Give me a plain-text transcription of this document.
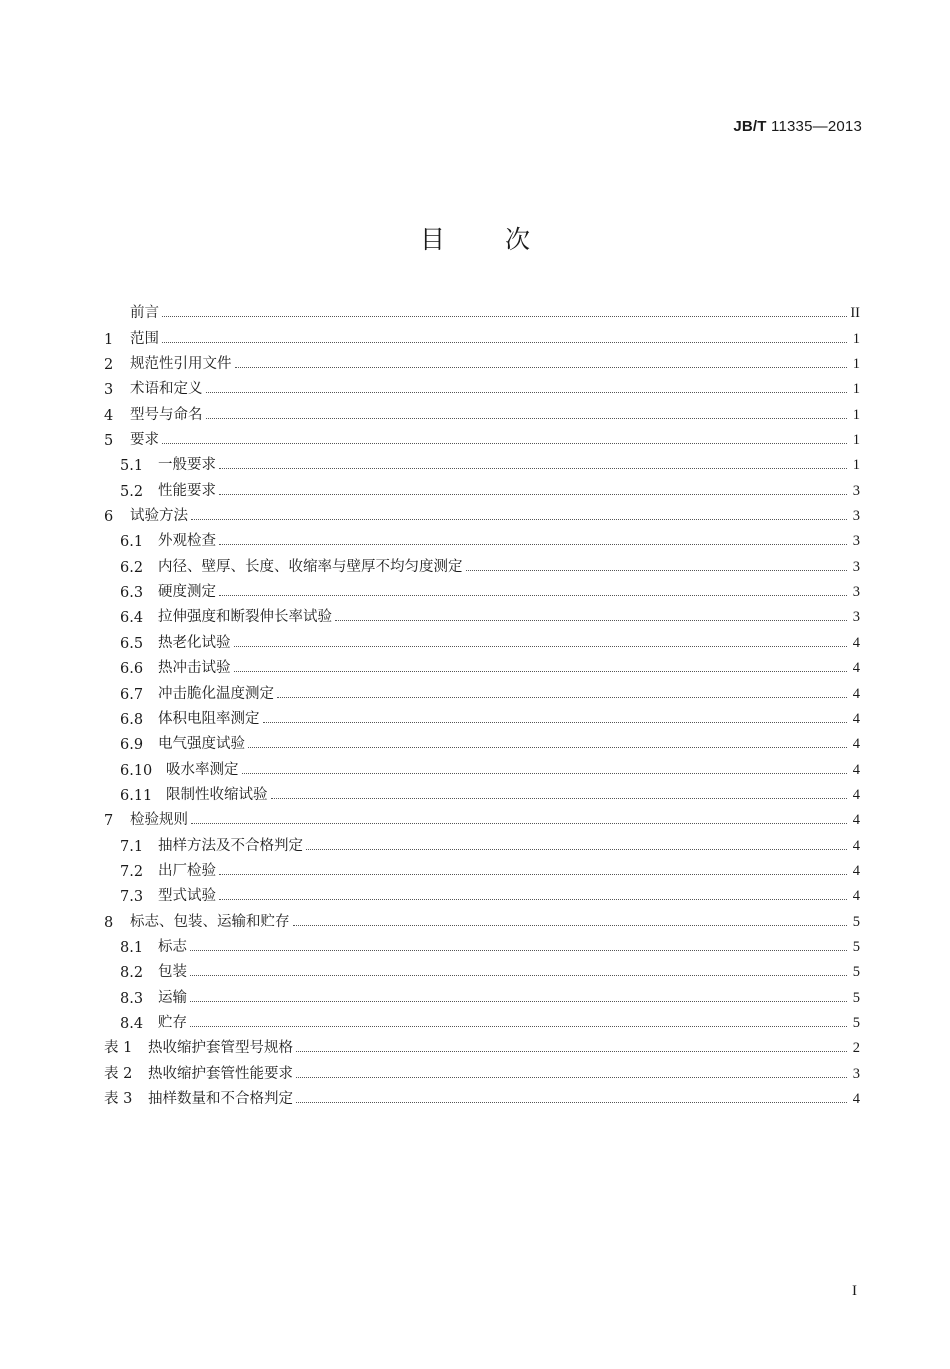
JB/T 11335—2013
目次
前言	II
1	范围	1
2	规范性引用文件	1
3	术语和定义	1
4	型号与命名	1
5	要求	1
5.1	一般要求	1
5.2	性能要求	3
6	试验方法	3
6.1	外观检查	3
6.2	内径、壁厚、长度、收缩率与壁厚不均匀度测定	3
6.3	硬度测定	3
6.4	拉伸强度和断裂伸长率试验	3
6.5	热老化试验	4
6.6	热冲击试验	4
6.7	冲击脆化温度测定	4
6.8	体积电阻率测定	4
6.9	电气强度试验	4
6.10 吸水率测定	4
6.11 限制性收缩试验	4
7	检验规则	4
7.1	抽样方法及不合格判定	4
7.2	出厂检验	4
7.3	型式试验	4
8	标志、包装、运输和贮存	5
8.1	标志	5
8.2	包装	5
8.3	运输	5
8.4	贮存	5
表 1	热收缩护套管型号规格	2
表 2	热收缩护套管性能要求	3
表 3	抽样数量和不合格判定	4
I
